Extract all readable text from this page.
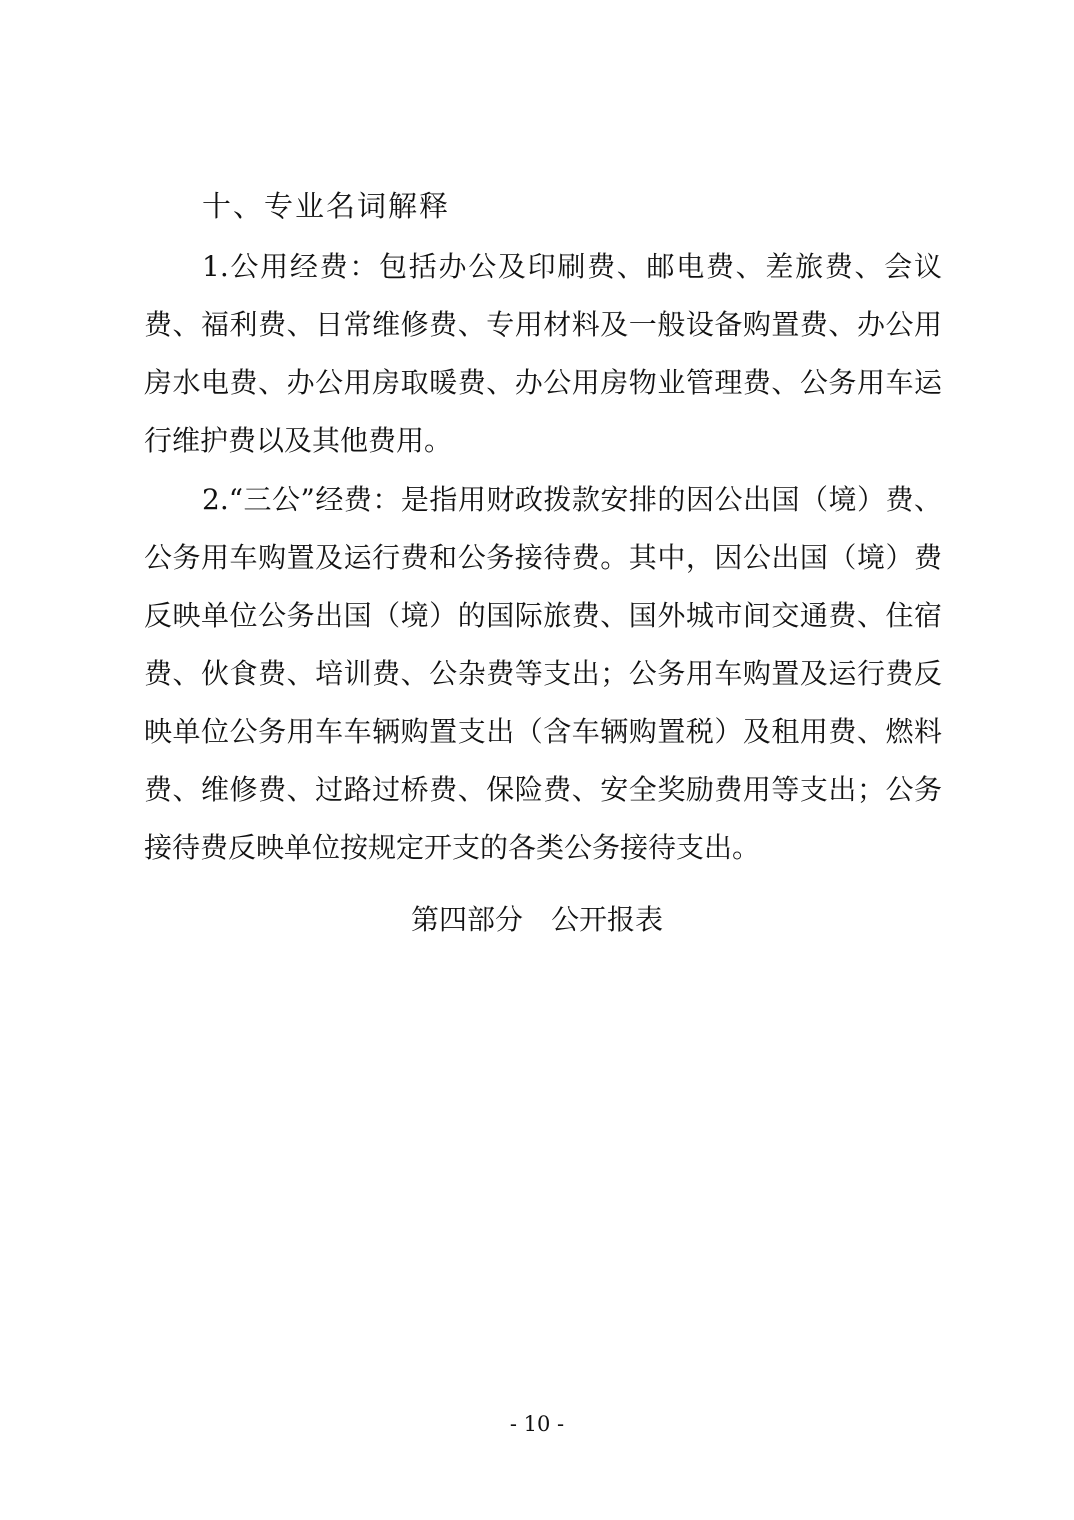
十、专业名词解释

1.公用经费：包括办公及印刷费、邮电费、差旅费、会议费、福利费、日常维修费、专用材料及一般设备购置费、办公用房水电费、办公用房取暖费、办公用房物业管理费、公务用车运行维护费以及其他费用。

2.“三公”经费：是指用财政拨款安排的因公出国（境）费、公务用车购置及运行费和公务接待费。其中，因公出国（境）费反映单位公务出国（境）的国际旅费、国外城市间交通费、住宿费、伙食费、培训费、公杂费等支出；公务用车购置及运行费反映单位公务用车车辆购置支出（含车辆购置税）及租用费、燃料费、维修费、过路过桥费、保险费、安全奖励费用等支出；公务接待费反映单位按规定开支的各类公务接待支出。

第四部分　公开报表
- 10 -
